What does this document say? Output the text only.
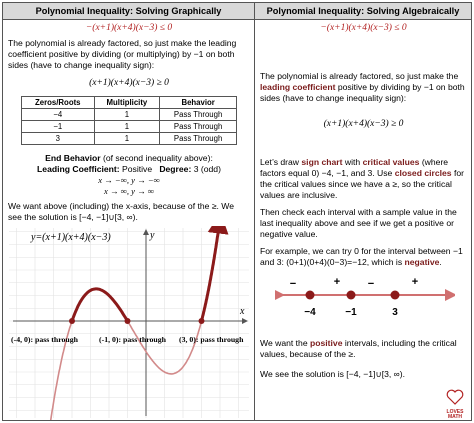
Polynomial Inequality: Solving Graphically
−(x+1)(x+4)(x−3) ≤ 0
The polynomial is already factored, so just make the leading coefficient positive by dividing (or multiplying) by −1 on both sides (have to change inequality sign):
(x+1)(x+4)(x−3) ≥ 0
Zeros/Roots	Multiplicity	Behavior
−4	1	Pass Through
−1	1	Pass Through
3	1	Pass Through
End Behavior (of second inequality above):
Leading Coefficient: Positive Degree: 3 (odd)
x → −∞, y → −∞
x → ∞, y → ∞
We want above (including) the x-axis, because of the ≥. We see the solution is [−4, −1]∪[3, ∞).
x
y
y=(x+1)(x+4)(x−3)
(-4, 0): pass through	(-1, 0): pass through (3, 0): pass through
Polynomial Inequality: Solving Algebraically
−(x+1)(x+4)(x−3) ≤ 0
The polynomial is already factored, so just make the leading coefficient positive by dividing by −1 on both sides (have to change inequality sign):
(x+1)(x+4)(x−3) ≥ 0
Let’s draw sign chart with critical values (where factors equal 0) −4, −1, and 3. Use closed circles for the critical values since we have a ≥, so the critical values are inclusive.
Then check each interval with a sample value in the last inequality above and see if we get a positive or negative value.
For example, we can try 0 for the interval between −1 and 3: (0+1)(0+4)(0−3)=−12, which is negative.
−	+	−	+
−4	−1	3
We want the positive intervals, including the critical values, because of the ≥.
We see the solution is [−4, −1]∪[3, ∞).
LOVES MATH
